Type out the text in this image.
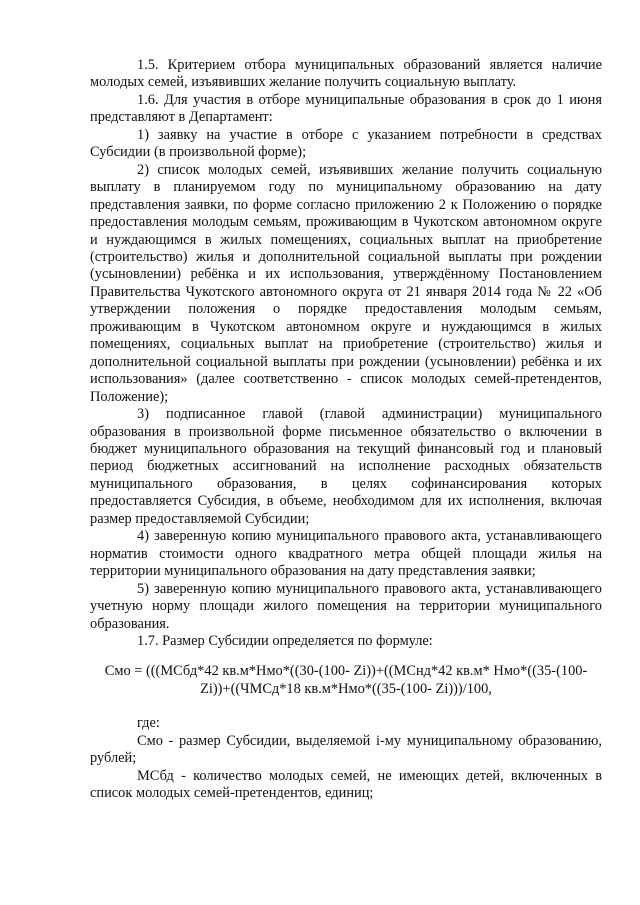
1.5. Критерием отбора муниципальных образований является наличие молодых семей, изъявивших желание получить социальную выплату.

1.6. Для участия в отборе муниципальные образования в срок до 1 июня представляют в Департамент:

1) заявку на участие в отборе с указанием потребности в средствах Субсидии (в произвольной форме);

2) список молодых семей, изъявивших желание получить социальную выплату в планируемом году по муниципальному образованию на дату представления заявки, по форме согласно приложению 2 к Положению о порядке предоставления молодым семьям, проживающим в Чукотском автономном округе и нуждающимся в жилых помещениях, социальных выплат на приобретение (строительство) жилья и дополнительной социальной выплаты при рождении (усыновлении) ребёнка и их использования, утверждённому Постановлением Правительства Чукотского автономного округа от 21 января 2014 года № 22 «Об утверждении положения о порядке предоставления молодым семьям, проживающим в Чукотском автономном округе и нуждающимся в жилых помещениях, социальных выплат на приобретение (строительство) жилья и дополнительной социальной выплаты при рождении (усыновлении) ребёнка и их использования» (далее соответственно - список молодых семей-претендентов, Положение);

3) подписанное главой (главой администрации) муниципального образования в произвольной форме письменное обязательство о включении в бюджет муниципального образования на текущий финансовый год и плановый период бюджетных ассигнований на исполнение расходных обязательств муниципального образования, в целях софинансирования которых предоставляется Субсидия, в объеме, необходимом для их исполнения, включая размер предоставляемой Субсидии;

4) заверенную копию муниципального правового акта, устанавливающего норматив стоимости одного квадратного метра общей площади жилья на территории муниципального образования на дату представления заявки;

5) заверенную копию муниципального правового акта, устанавливающего учетную норму площади жилого помещения на территории муниципального образования.

1.7. Размер Субсидии определяется по формуле:

Смо = (((МСбд*42 кв.м*Нмо*((30-(100- Zi))+((МСнд*42 кв.м* Нмо*((35-(100- Zi))+((ЧМСд*18 кв.м*Нмо*((35-(100- Zi)))/100,

где:

Смо - размер Субсидии, выделяемой i-му муниципальному образованию, рублей;

МСбд - количество молодых семей, не имеющих детей, включенных в список молодых семей-претендентов, единиц;
